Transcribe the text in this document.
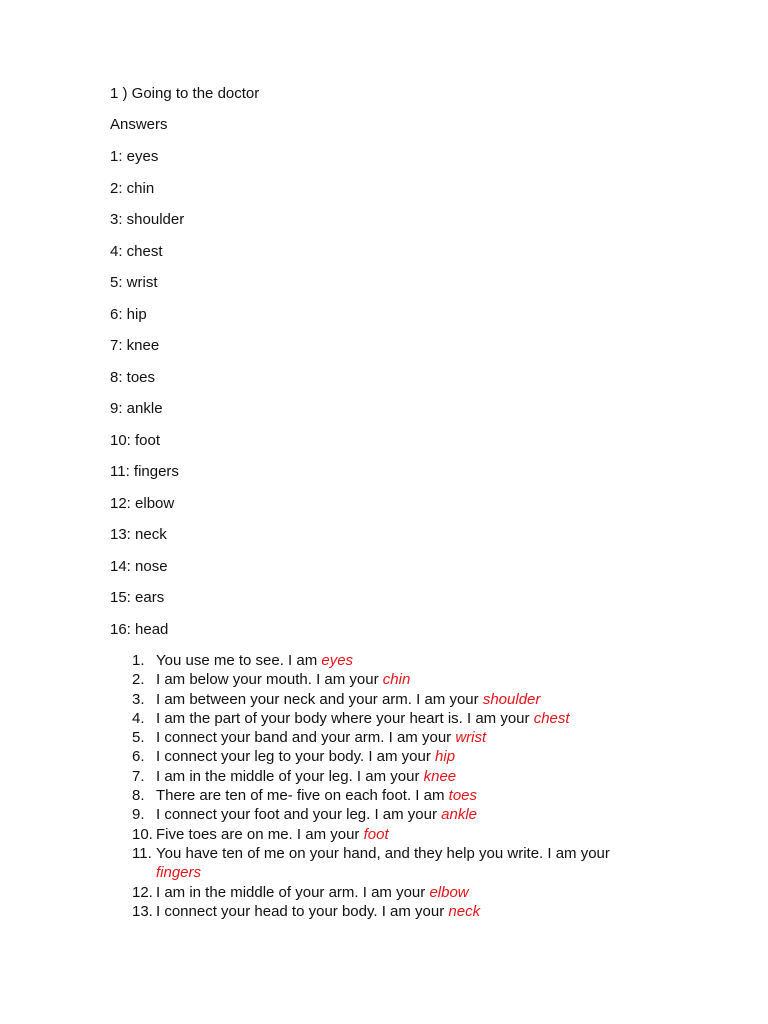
1 ) Going to the doctor
Answers
1: eyes
2: chin
3: shoulder
4: chest
5: wrist
6: hip
7: knee
8: toes
9: ankle
10: foot
11: fingers
12: elbow
13: neck
14: nose
15: ears
16: head
1. You use me to see. I am eyes
2. I am below your mouth. I am your chin
3. I am between your neck and your arm. I am your shoulder
4. I am the part of your body where your heart is. I am your chest
5. I connect your band and your arm. I am your wrist
6. I connect your leg to your body. I am your hip
7. I am in the middle of your leg. I am your knee
8. There are ten of me- five on each foot. I am toes
9. I connect your foot and your leg. I am your ankle
10. Five toes are on me. I am your foot
11. You have ten of me on your hand, and they help you write. I am your fingers
12. I am in the middle of your arm. I am your elbow
13. I connect your head to your body. I am your neck
